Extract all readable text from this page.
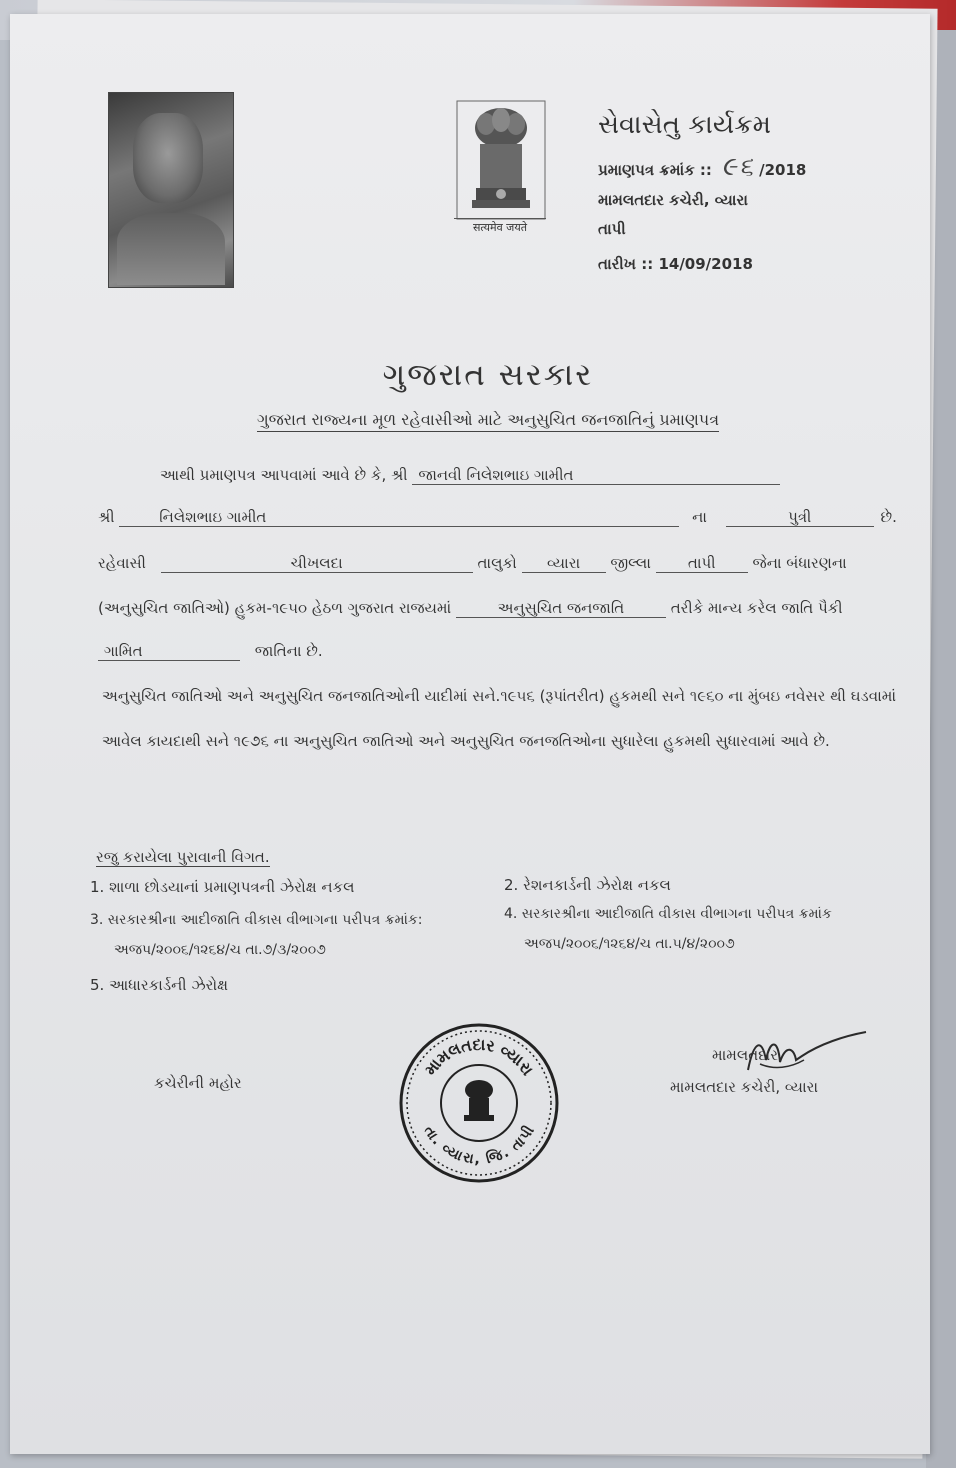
सत्यमेव जयते
સેવાસેતુ કાર્યક્રમ
પ્રમાણપત્ર ક્રમાંક :: ૯૬ /2018
મામલતદાર કચેરી, વ્યારા
તાપી
તારીખ :: 14/09/2018
ગુજરાત સરકાર
ગુજરાત રાજ્યના મૂળ રહેવાસીઓ માટે અનુસુચિત જનજાતિનું પ્રમાણપત્ર
આથી પ્રમાણપત્ર આપવામાં આવે છે કે, શ્રી જાનવી નિલેશભાઇ ગામીત
શ્રી	નિલેશભાઇ ગામીત	ના	પુત્રી	છે.
રહેવાસી	ચીખલદા	તાલુકો વ્યારા જીલ્લા તાપી જેના બંધારણના
(અનુસુચિત જાતિઓ) હુકમ-૧૯૫૦ હેઠળ ગુજરાત રાજયમાં	અનુસુચિત જનજાતિ	તરીકે માન્ય કરેલ જાતિ પૈકી
ગામિત	જાતિના છે.
અનુસુચિત જાતિઓ અને અનુસુચિત જનજાતિઓની યાદીમાં સને.૧૯૫૬ (રૂપાંતરીત) હુકમથી સને ૧૯૬૦ ના મુંબઇ નવેસર થી ઘડવામાં આવેલ કાયદાથી સને ૧૯૭૬ ના અનુસુચિત જાતિઓ અને અનુસુચિત જનજતિઓના સુધારેલા હુકમથી સુધારવામાં આવે છે.
રજુ કરાયેલા પુરાવાની વિગત.
1. શાળા છોડયાનાં પ્રમાણપત્રની ઝેરોક્ષ નકલ	2. રેશનકાર્ડની ઝેરોક્ષ નકલ
3. સરકારશ્રીના આદીજાતિ વીકાસ વીભાગના પરીપત્ર ક્રમાંક:	4. સરકારશ્રીના આદીજાતિ વીકાસ વીભાગના પરીપત્ર ક્રમાંક
અજપ/૨૦૦૬/૧૨૬૪/ચ તા.૭/૩/૨૦૦૭	અજપ/૨૦૦૬/૧૨૬૪/ચ તા.૫/૪/૨૦૦૭
5. આધારકાર્ડની ઝેરોક્ષ
કચેરીની મહોર
મામલતદાર વ્યારા
તા. વ્યારા, જિ. તાપી
મામલતદાર
મામલતદાર કચેરી, વ્યારા
